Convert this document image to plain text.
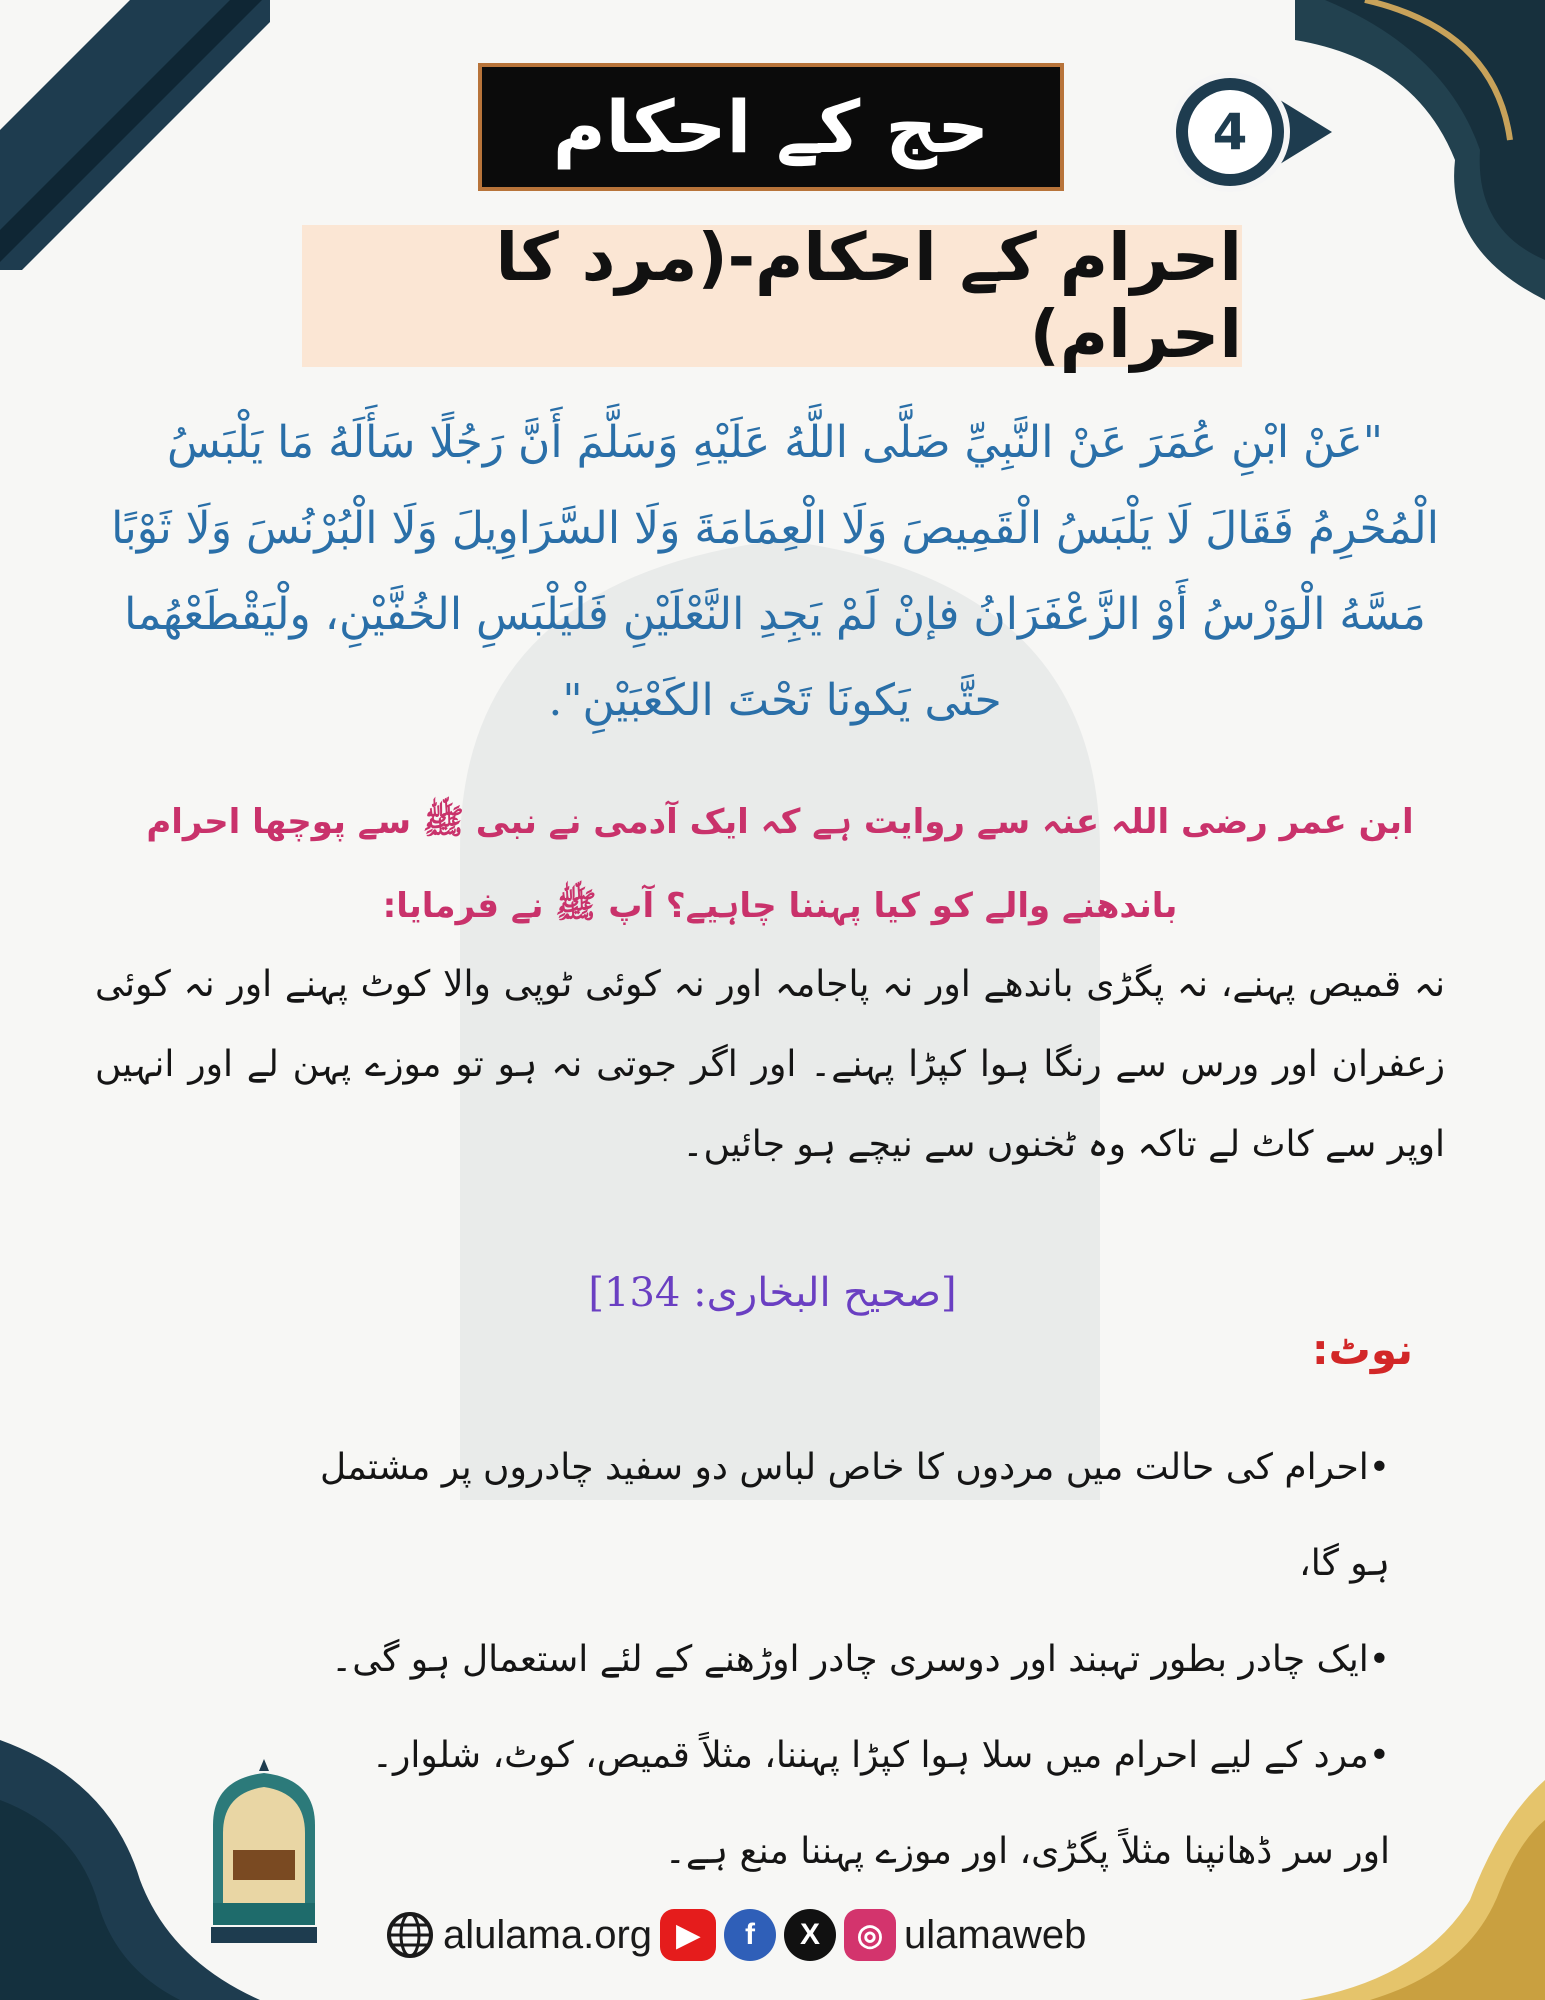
حج کے احکام	4
احرام کے احکام-(مرد کا احرام)
"عَنْ ابْنِ عُمَرَ عَنْ النَّبِيِّ صَلَّى اللَّهُ عَلَيْهِ وَسَلَّمَ أَنَّ رَجُلًا سَأَلَهُ مَا يَلْبَسُ الْمُحْرِمُ فَقَالَ لَا يَلْبَسُ الْقَمِيصَ وَلَا الْعِمَامَةَ وَلَا السَّرَاوِيلَ وَلَا الْبُرْنُسَ وَلَا ثَوْبًا مَسَّهُ الْوَرْسُ أَوْ الزَّعْفَرَانُ فإنْ لَمْ يَجِدِ النَّعْلَيْنِ فَلْيَلْبَسِ الخُفَّيْنِ، ولْيَقْطَعْهُما حتَّى يَكونَا تَحْتَ الكَعْبَيْنِ".
ابن عمر رضی اللہ عنہ سے روایت ہے کہ ایک آدمی نے نبی ﷺ سے پوچھا احرام باندھنے والے کو کیا پہننا چاہیے؟ آپ ﷺ نے فرمایا:
نہ قمیص پہنے، نہ پگڑی باندھے اور نہ پاجامہ اور نہ کوئی ٹوپی والا کوٹ پہنے اور نہ کوئی زعفران اور ورس سے رنگا ہوا کپڑا پہنے۔ اور اگر جوتی نہ ہو تو موزے پہن لے اور انہیں اوپر سے کاٹ لے تاکہ وہ ٹخنوں سے نیچے ہو جائیں۔
[صحيح البخارى: 134]
نوٹ:
•احرام کی حالت میں مردوں کا خاص لباس دو سفید چادروں پر مشتمل ہو گا،
•ایک چادر بطور تہبند اور دوسری چادر اوڑھنے کے لئے استعمال ہو گی۔
•مرد کے لیے احرام میں سلا ہوا کپڑا پہننا، مثلاً قمیص، کوٹ، شلوار۔
اور سر ڈھانپنا مثلاً پگڑی، اور موزے پہننا منع ہے۔
alulama.org ▶	f	X	◎ ulamaweb
